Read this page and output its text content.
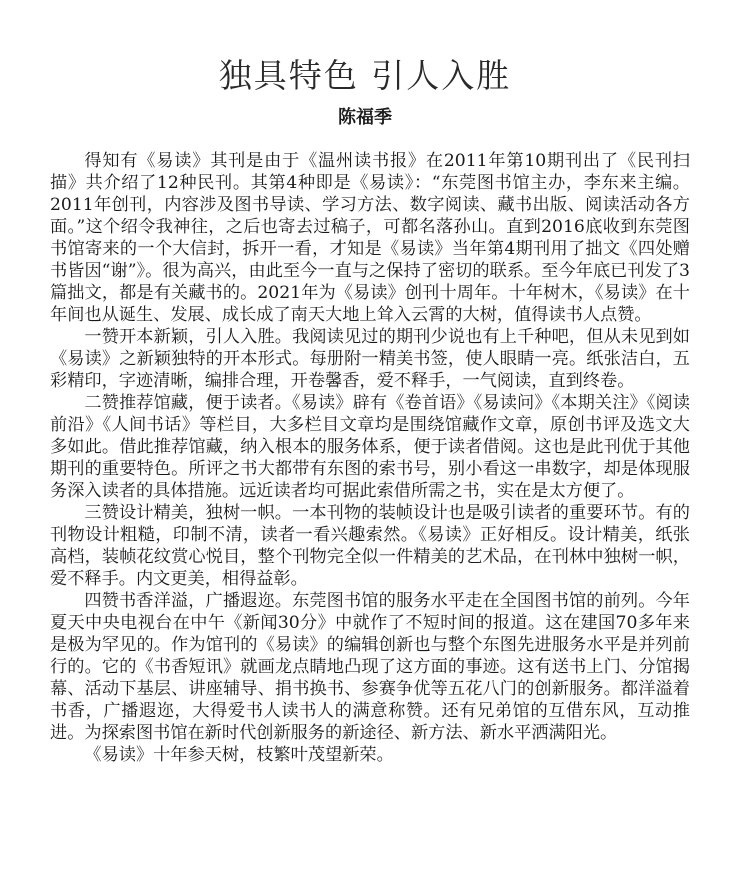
独具特色 引人入胜
陈福季

得知有《易读》其刊是由于《温州读书报》在2011年第10期刊出了《民刊扫描》共介绍了12种民刊。其第4种即是《易读》：“东莞图书馆主办，李东来主编。2011年创刊，内容涉及图书导读、学习方法、数字阅读、藏书出版、阅读活动各方面。”这个绍令我神往，之后也寄去过稿子，可都名落孙山。直到2016底收到东莞图书馆寄来的一个大信封，拆开一看，才知是《易读》当年第4期刊用了拙文《四处赠书皆因“谢”》。很为高兴，由此至今一直与之保持了密切的联系。至今年底已刊发了3篇拙文，都是有关藏书的。2021年为《易读》创刊十周年。十年树木，《易读》在十年间也从诞生、发展、成长成了南天大地上耸入云霄的大树，值得读书人点赞。

一赞开本新颖，引人入胜。我阅读见过的期刊少说也有上千种吧，但从未见到如《易读》之新颖独特的开本形式。每册附一精美书签，使人眼睛一亮。纸张洁白，五彩精印，字迹清晰，编排合理，开卷馨香，爱不释手，一气阅读，直到终卷。

二赞推荐馆藏，便于读者。《易读》辟有《卷首语》《易读问》《本期关注》《阅读前沿》《人间书话》等栏目，大多栏目文章均是围绕馆藏作文章，原创书评及选文大多如此。借此推荐馆藏，纳入根本的服务体系，便于读者借阅。这也是此刊优于其他期刊的重要特色。所评之书大都带有东图的索书号，别小看这一串数字，却是体现服务深入读者的具体措施。远近读者均可据此索借所需之书，实在是太方便了。

三赞设计精美，独树一帜。一本刊物的装帧设计也是吸引读者的重要环节。有的刊物设计粗糙，印制不清，读者一看兴趣索然。《易读》正好相反。设计精美，纸张高档，装帧花纹赏心悦目，整个刊物完全似一件精美的艺术品，在刊林中独树一帜，爱不释手。内文更美，相得益彰。

四赞书香洋溢，广播遐迩。东莞图书馆的服务水平走在全国图书馆的前列。今年夏天中央电视台在中午《新闻30分》中就作了不短时间的报道。这在建国70多年来是极为罕见的。作为馆刊的《易读》的编辑创新也与整个东图先进服务水平是并列前行的。它的《书香短讯》就画龙点睛地凸现了这方面的事迹。这有送书上门、分馆揭幕、活动下基层、讲座辅导、捐书换书、参赛争优等五花八门的创新服务。都洋溢着书香，广播遐迩，大得爱书人读书人的满意称赞。还有兄弟馆的互借东风，互动推进。为探索图书馆在新时代创新服务的新途径、新方法、新水平洒满阳光。

《易读》十年参天树，枝繁叶茂望新荣。
